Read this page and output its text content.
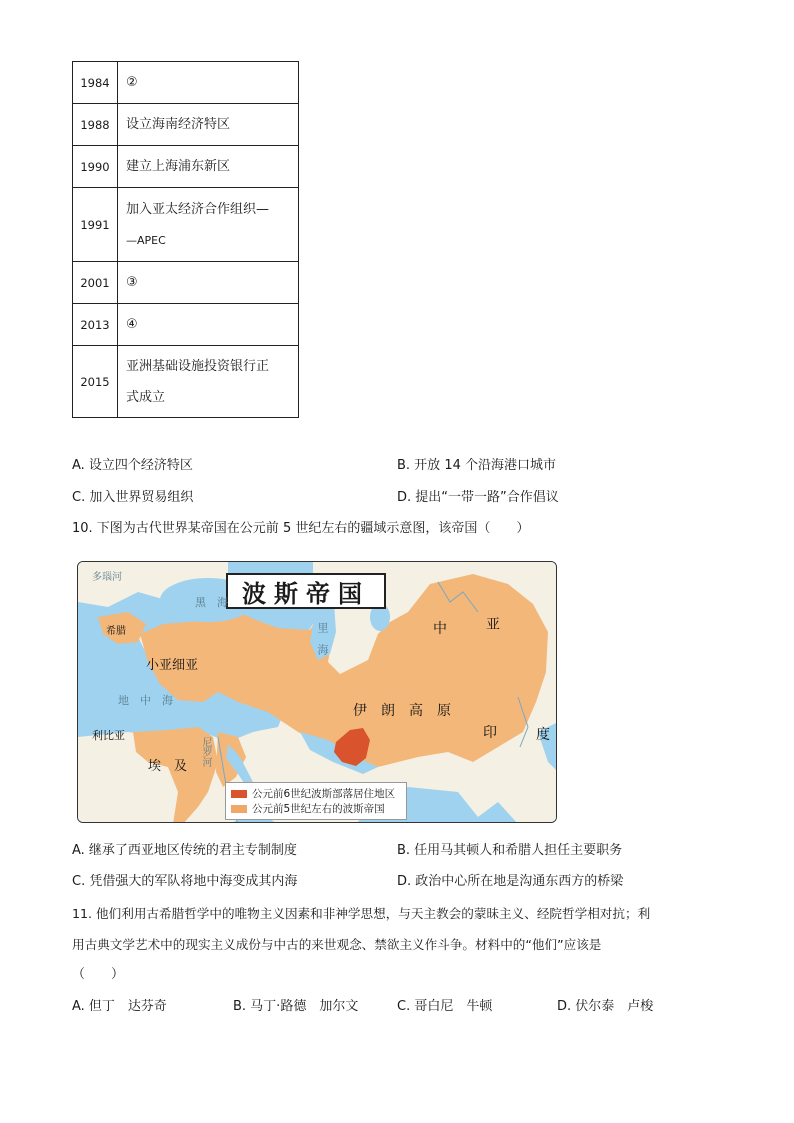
1984	②
1988	设立海南经济特区
1990	建立上海浦东新区
1991	加入亚太经济合作组织—
—APEC

2001	③
2013	④
2015	亚洲基础设施投资银行正
式成立
A. 设立四个经济特区	B. 开放 14 个沿海港口城市
C. 加入世界贸易组织	D. 提出“一带一路”合作倡议
10. 下图为古代世界某帝国在公元前 5 世纪左右的疆域示意图，该帝国（　　）
波斯帝国
希腊
小亚细亚
利比亚
埃　及
伊　朗　高　原
印	度
中	亚
黑　海
地　中　海
里　海
多瑙河
尼罗河
公元前6世纪波斯部落居住地区
公元前5世纪左右的波斯帝国
A. 继承了西亚地区传统的君主专制制度	B. 任用马其顿人和希腊人担任主要职务
C. 凭借强大的军队将地中海变成其内海	D. 政治中心所在地是沟通东西方的桥梁
11. 他们利用古希腊哲学中的唯物主义因素和非神学思想，与天主教会的蒙昧主义、经院哲学相对抗；利
用古典文学艺术中的现实主义成份与中古的来世观念、禁欲主义作斗争。材料中的“他们”应该是
（　　）
A. 但丁　达芬奇	B. 马丁·路德　加尔文	C. 哥白尼　牛顿	D. 伏尔泰　卢梭
